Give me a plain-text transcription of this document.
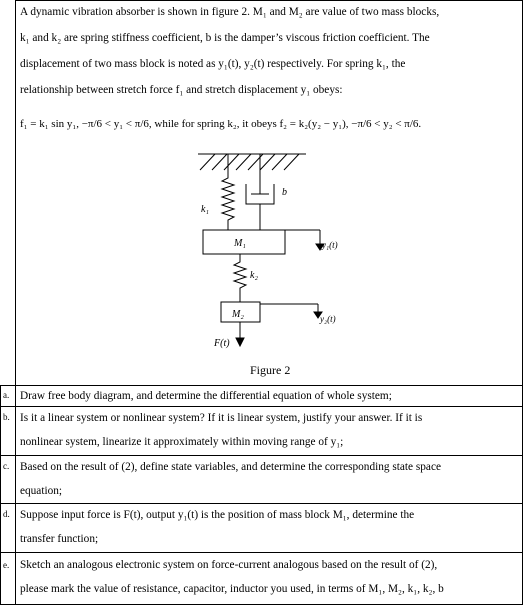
A dynamic vibration absorber is shown in figure 2. M₁ and M₂ are value of two mass blocks,
k₁ and k₂ are spring stiffness coefficient, b is the damper’s viscous friction coefficient. The
displacement of two mass block is noted as y₁(t), y₂(t) respectively. For spring k₁, the
relationship between stretch force f₁ and stretch displacement y₁ obeys:
f₁ = k₁ sin y₁, −π/6 < y₁ < π/6, while for spring k₂, it obeys f₂ = k₂(y₂ − y₁), −π/6 < y₂ < π/6.
k₁
b
M₁	y₁(t)
k₂
M₂	y₂(t)
F(t)
Figure 2
a. Draw free body diagram, and determine the differential equation of whole system;
b. Is it a linear system or nonlinear system? If it is linear system, justify your answer. If it is
nonlinear system, linearize it approximately within moving range of y₁;
c. Based on the result of (2), define state variables, and determine the corresponding state space
equation;
d. Suppose input force is F(t), output y₁(t) is the position of mass block M₁, determine the
transfer function;
e. Sketch an analogous electronic system on force-current analogous based on the result of (2),
please mark the value of resistance, capacitor, inductor you used, in terms of M₁, M₂, k₁, k₂, b
